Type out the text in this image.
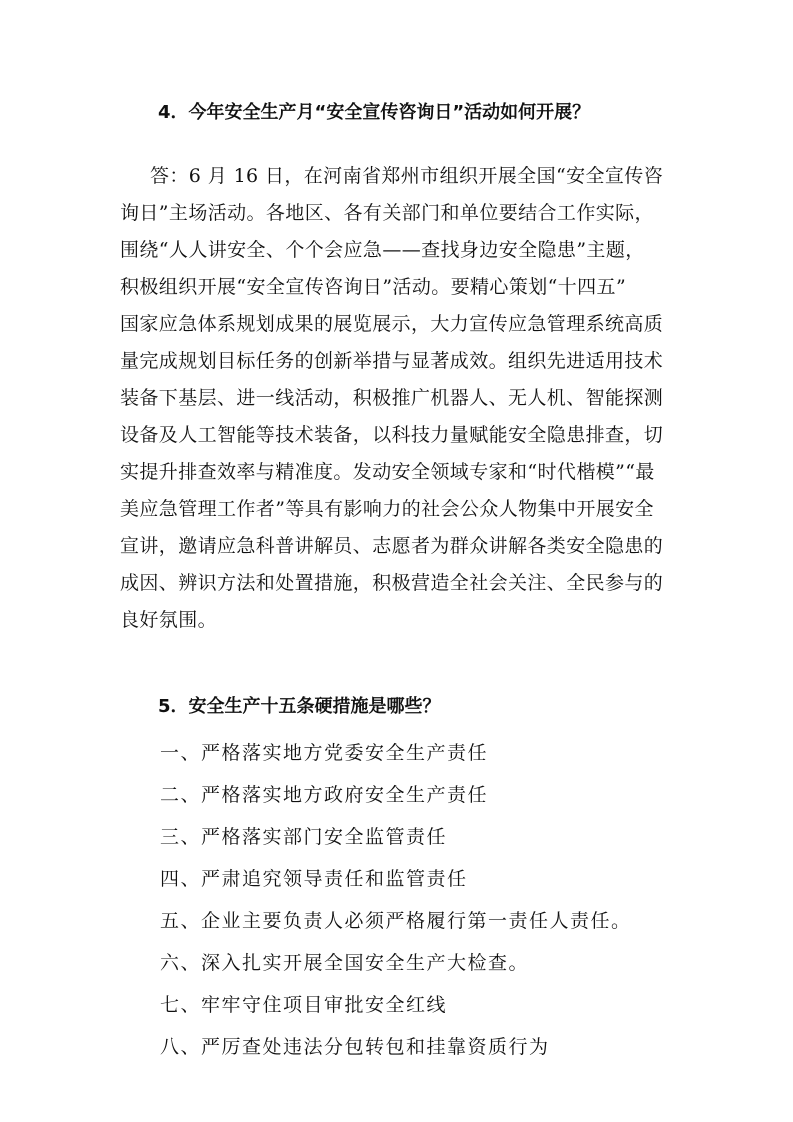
4．今年安全生产月“安全宣传咨询日”活动如何开展？
答：6 月 16 日，在河南省郑州市组织开展全国“安全宣传咨
询日”主场活动。各地区、各有关部门和单位要结合工作实际，
围绕“人人讲安全、个个会应急——查找身边安全隐患”主题，
积极组织开展“安全宣传咨询日”活动。要精心策划“十四五”
国家应急体系规划成果的展览展示，大力宣传应急管理系统高质
量完成规划目标任务的创新举措与显著成效。组织先进适用技术
装备下基层、进一线活动，积极推广机器人、无人机、智能探测
设备及人工智能等技术装备，以科技力量赋能安全隐患排查，切
实提升排查效率与精准度。发动安全领域专家和“时代楷模”“最
美应急管理工作者”等具有影响力的社会公众人物集中开展安全
宣讲，邀请应急科普讲解员、志愿者为群众讲解各类安全隐患的
成因、辨识方法和处置措施，积极营造全社会关注、全民参与的
良好氛围。
5．安全生产十五条硬措施是哪些？
一、严格落实地方党委安全生产责任
二、严格落实地方政府安全生产责任
三、严格落实部门安全监管责任
四、严肃追究领导责任和监管责任
五、企业主要负责人必须严格履行第一责任人责任。
六、深入扎实开展全国安全生产大检查。
七、牢牢守住项目审批安全红线
八、严厉查处违法分包转包和挂靠资质行为
